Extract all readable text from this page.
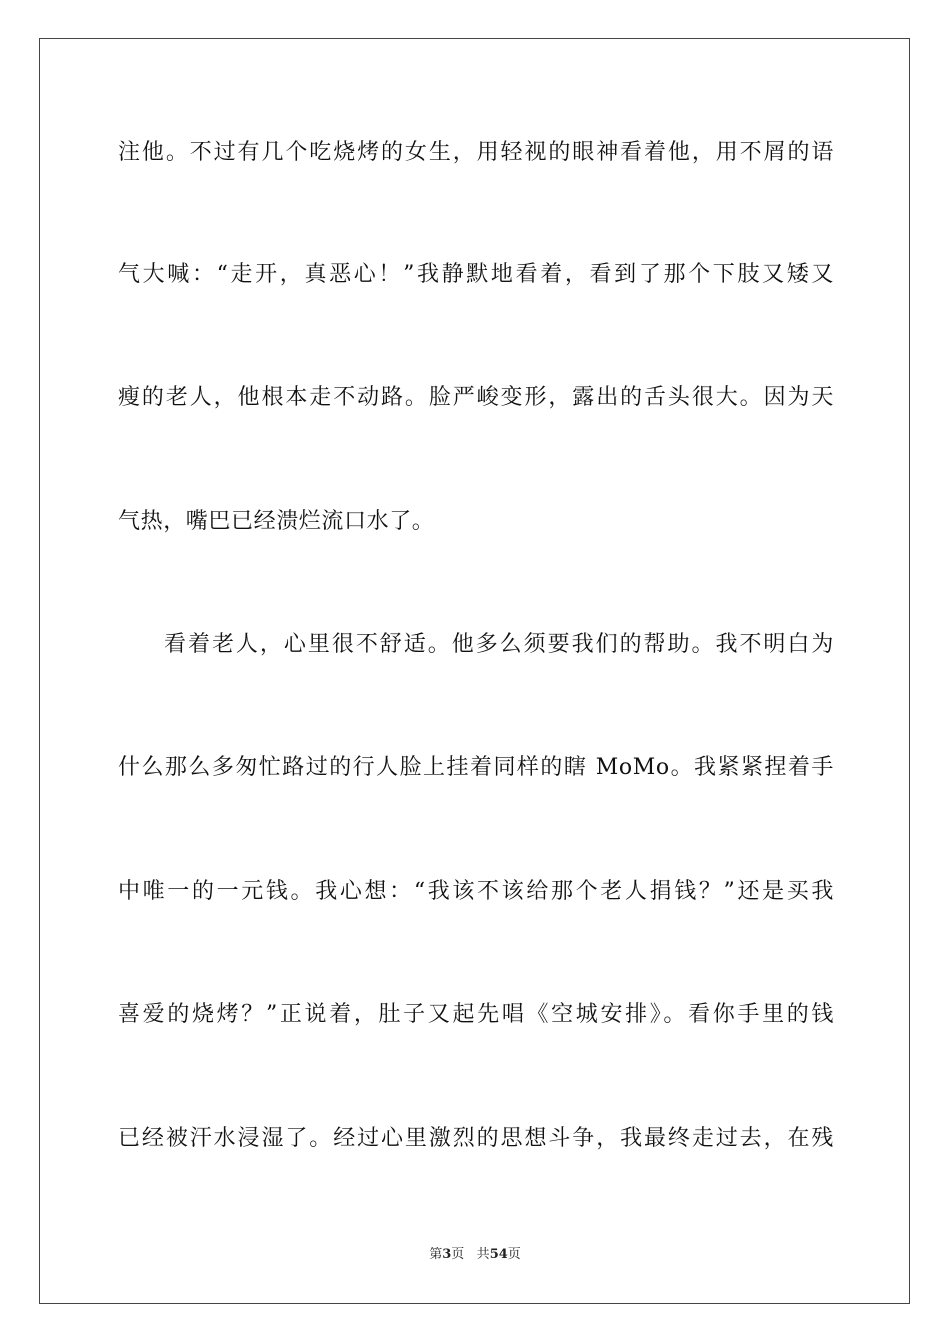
注他。不过有几个吃烧烤的女生，用轻视的眼神看着他，用不屑的语
气大喊：“走开，真恶心！”我静默地看着，看到了那个下肢又矮又
瘦的老人，他根本走不动路。脸严峻变形，露出的舌头很大。因为天
气热，嘴巴已经溃烂流口水了。
看着老人，心里很不舒适。他多么须要我们的帮助。我不明白为
什么那么多匆忙路过的行人脸上挂着同样的瞎 MoMo。我紧紧捏着手
中唯一的一元钱。我心想：“我该不该给那个老人捐钱？”还是买我
喜爱的烧烤？”正说着，肚子又起先唱《空城安排》。看你手里的钱
已经被汗水浸湿了。经过心里激烈的思想斗争，我最终走过去，在残
第3页 共54页
